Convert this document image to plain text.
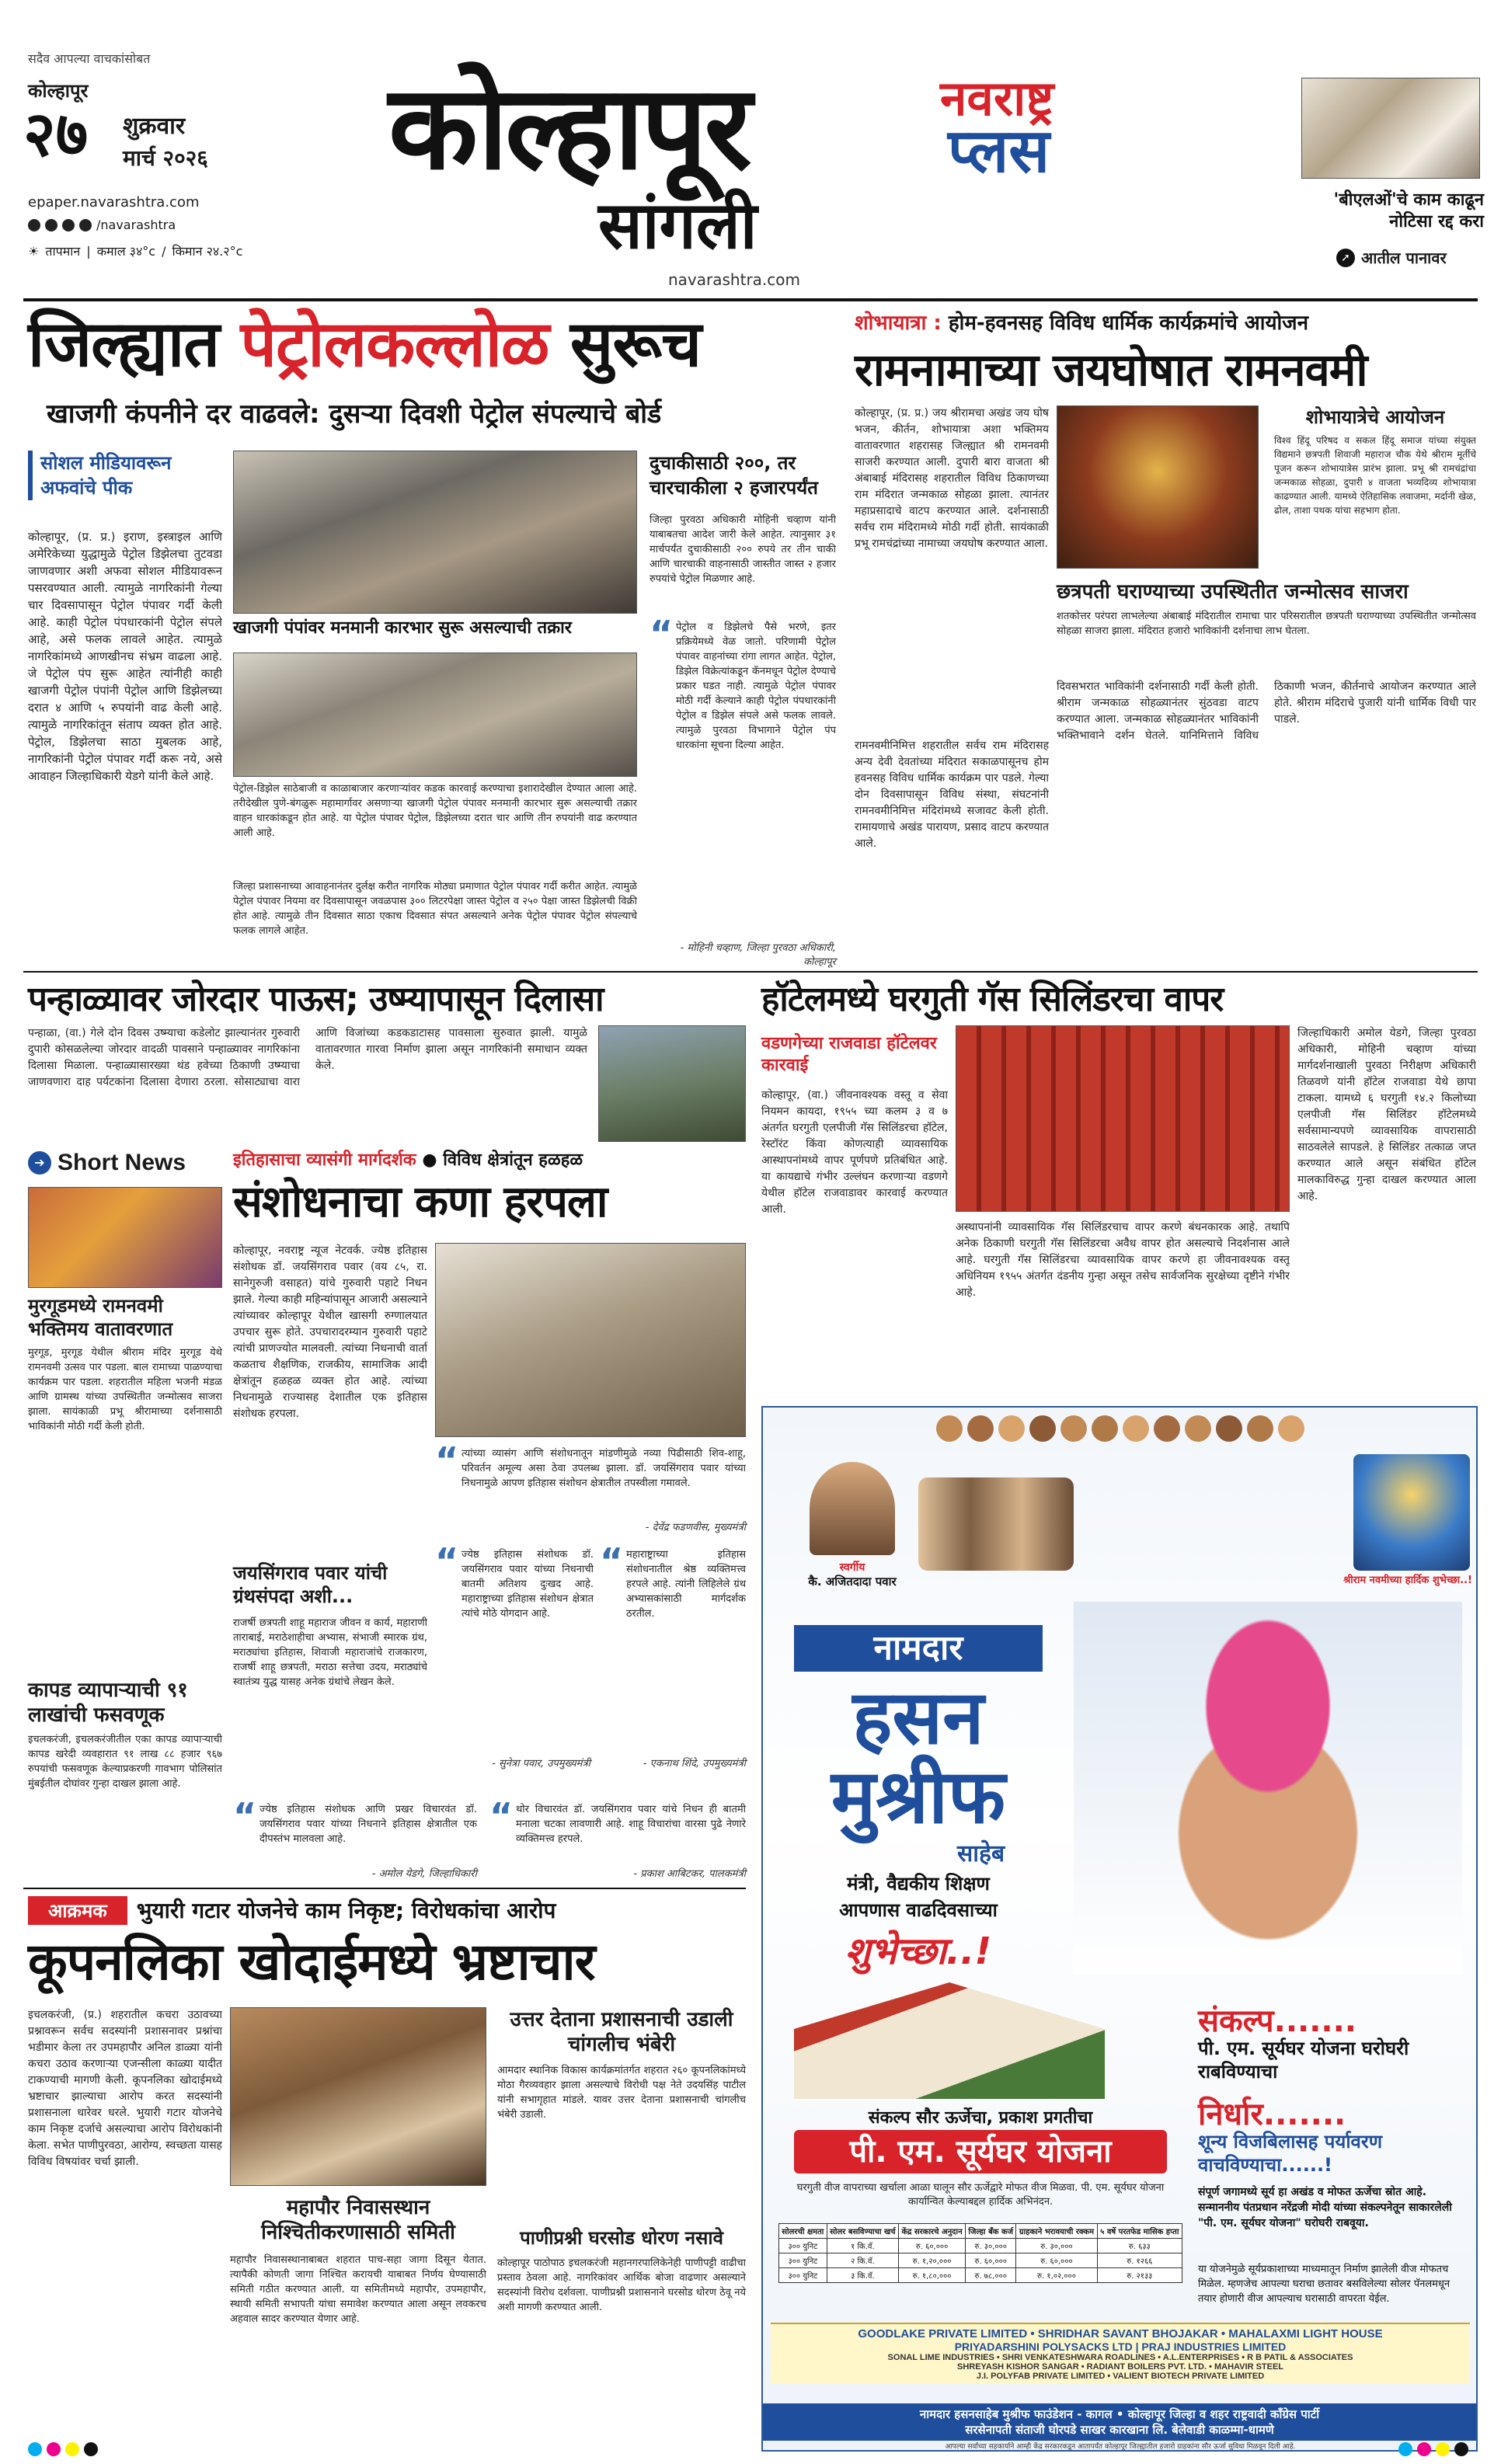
सदैव आपल्या वाचकांसोबत
कोल्हापूर
२७ शुक्रवार
मार्च २०२६
epaper.navarashtra.com
/navarashtra
☀ तापमान | कमाल ३४°c / किमान २४.२°c
कोल्हापूर
सांगली
नवराष्ट्र
प्लस
navarashtra.com
'बीएलओं'चे काम काढून नोटिसा रद्द करा
➚ आतील पानावर
जिल्ह्यात पेट्रोलकल्लोळ सुरूच
खाजगी कंपनीने दर वाढवले: दुसऱ्या दिवशी पेट्रोल संपल्याचे बोर्ड
सोशल मीडियावरून अफवांचे पीक
कोल्हापूर, (प्र. प्र.) इराण, इस्त्राइल आणि अमेरिकेच्या युद्धामुळे पेट्रोल डिझेलचा तुटवडा जाणवणार अशी अफवा सोशल मीडियावरून पसरवण्यात आली. त्यामुळे नागरिकांनी गेल्या चार दिवसापासून पेट्रोल पंपावर गर्दी केली आहे. काही पेट्रोल पंपधारकांनी पेट्रोल संपले आहे, असे फलक लावले आहेत. त्यामुळे नागरिकांमध्ये आणखीनच संभ्रम वाढला आहे. जे पेट्रोल पंप सुरू आहेत त्यांनीही काही खाजगी पेट्रोल पंपांनी पेट्रोल आणि डिझेलच्या दरात ४ आणि ५ रुपयांनी वाढ केली आहे. त्यामुळे नागरिकांतून संताप व्यक्त होत आहे. पेट्रोल, डिझेलचा साठा मुबलक आहे, नागरिकांनी पेट्रोल पंपावर गर्दी करू नये, असे आवाहन जिल्हाधिकारी येडगे यांनी केले आहे.
खाजगी पंपांवर मनमानी कारभार सुरू असल्याची तक्रार
पेट्रोल-डिझेल साठेबाजी व काळाबाजार करणाऱ्यांवर कडक कारवाई करण्याचा इशारादेखील देण्यात आला आहे. तरीदेखील पुणे-बंगळुरू महामार्गावर असणाऱ्या खाजगी पेट्रोल पंपावर मनमानी कारभार सुरू असल्याची तक्रार वाहन धारकांकडून होत आहे. या पेट्रोल पंपावर पेट्रोल, डिझेलच्या दरात चार आणि तीन रुपयांनी वाढ करण्यात आली आहे.
जिल्हा प्रशासनाच्या आवाहनानंतर दुर्लक्ष करीत नागरिक मोठ्या प्रमाणात पेट्रोल पंपावर गर्दी करीत आहेत. त्यामुळे पेट्रोल पंपावर नियमा वर दिवसापासून जवळपास ३०० लिटरपेक्षा जास्त पेट्रोल व २५० पेक्षा जास्त डिझेलची विक्री होत आहे. त्यामुळे तीन दिवसात साठा एकाच दिवसात संपत असल्याने अनेक पेट्रोल पंपावर पेट्रोल संपल्याचे फलक लागले आहेत.
दुचाकीसाठी २००, तर चारचाकीला २ हजारपर्यंत
जिल्हा पुरवठा अधिकारी मोहिनी चव्हाण यांनी याबाबतचा आदेश जारी केले आहेत. त्यानुसार ३१ मार्चपर्यंत दुचाकीसाठी २०० रुपये तर तीन चाकी आणि चारचाकी वाहनासाठी जास्तीत जास्त २ हजार रुपयांचे पेट्रोल मिळणार आहे.
“ पेट्रोल व डिझेलचे पैसे भरणे, इतर प्रक्रियेमध्ये वेळ जातो. परिणामी पेट्रोल पंपावर वाहनांच्या रांगा लागत आहेत. पेट्रोल, डिझेल विक्रेत्यांकडून कॅनमधून पेट्रोल देण्याचे प्रकार घडत नाही. त्यामुळे पेट्रोल पंपावर मोठी गर्दी केल्याने काही पेट्रोल पंपधारकांनी पेट्रोल व डिझेल संपले असे फलक लावले. त्यामुळे पुरवठा विभागाने पेट्रोल पंप धारकांना सूचना दिल्या आहेत.
- मोहिनी चव्हाण, जिल्हा पुरवठा अधिकारी, कोल्हापूर
शोभायात्रा : होम-हवनसह विविध धार्मिक कार्यक्रमांचे आयोजन
रामनामाच्या जयघोषात रामनवमी
कोल्हापूर, (प्र. प्र.) जय श्रीरामचा अखंड जय घोष भजन, कीर्तन, शोभायात्रा अशा भक्तिमय वातावरणात शहरासह जिल्ह्यात श्री रामनवमी साजरी करण्यात आली. दुपारी बारा वाजता श्री अंबाबाई मंदिरासह शहरातील विविध ठिकाणच्या राम मंदिरात जन्मकाळ सोहळा झाला. त्यानंतर महाप्रसादाचे वाटप करण्यात आले. दर्शनासाठी सर्वच राम मंदिरामध्ये मोठी गर्दी होती. सायंकाळी प्रभू रामचंद्रांच्या नामाच्या जयघोष करण्यात आला.
रामनवमीनिमित्त शहरातील सर्वच राम मंदिरासह अन्य देवी देवतांच्या मंदिरात सकाळपासूनच होम हवनसह विविध धार्मिक कार्यक्रम पार पडले. गेल्या दोन दिवसापासून विविध संस्था, संघटनांनी रामनवमीनिमित्त मंदिरांमध्ये सजावट केली होती. रामायणाचे अखंड पारायण, प्रसाद वाटप करण्यात आले.
शोभायात्रेचे आयोजन
विश्व हिंदू परिषद व सकल हिंदू समाज यांच्या संयुक्त विद्यमाने छत्रपती शिवाजी महाराज चौक येथे श्रीराम मूर्तीचे पूजन करून शोभायात्रेस प्रारंभ झाला. प्रभू श्री रामचंद्रांचा जन्मकाळ सोहळा, दुपारी ४ वाजता भव्यदिव्य शोभायात्रा काढण्यात आली. यामध्ये ऐतिहासिक लवाजमा, मर्दानी खेळ, ढोल, ताशा पथक यांचा सहभाग होता.
छत्रपती घराण्याच्या उपस्थितीत जन्मोत्सव साजरा
शतकोत्तर परंपरा लाभलेल्या अंबाबाई मंदिरातील रामाचा पार परिसरातील छत्रपती घराण्याच्या उपस्थितीत जन्मोत्सव सोहळा साजरा झाला. मंदिरात हजारो भाविकांनी दर्शनाचा लाभ घेतला.
दिवसभरात भाविकांनी दर्शनासाठी गर्दी केली होती. श्रीराम जन्मकाळ सोहळ्यानंतर सुंठवडा वाटप करण्यात आला. जन्मकाळ सोहळ्यानंतर भाविकांनी भक्तिभावाने दर्शन घेतले. यानिमित्ताने विविध ठिकाणी भजन, कीर्तनाचे आयोजन करण्यात आले होते. श्रीराम मंदिराचे पुजारी यांनी धार्मिक विधी पार पाडले.
पन्हाळ्यावर जोरदार पाऊस; उष्म्यापासून दिलासा
पन्हाळा, (वा.) गेले दोन दिवस उष्म्याचा कडेलोट झाल्यानंतर गुरुवारी दुपारी कोसळलेल्या जोरदार वादळी पावसाने पन्हाळ्यावर नागरिकांना दिलासा मिळाला. पन्हाळ्यासारख्या थंड हवेच्या ठिकाणी उष्म्याचा जाणवणारा दाह पर्यटकांना दिलासा देणारा ठरला. सोसाट्याचा वारा आणि विजांच्या कडकडाटासह पावसाला सुरुवात झाली. यामुळे वातावरणात गारवा निर्माण झाला असून नागरिकांनी समाधान व्यक्त केले.
हॉटेलमध्ये घरगुती गॅस सिलिंडरचा वापर
वडणगेच्या राजवाडा हॉटेलवर कारवाई
कोल्हापूर, (वा.) जीवनावश्यक वस्तू व सेवा नियमन कायदा, १९५५ च्या कलम ३ व ७ अंतर्गत घरगुती एलपीजी गॅस सिलिंडरचा हॉटेल, रेस्टॉरंट किंवा कोणत्याही व्यावसायिक आस्थापनांमध्ये वापर पूर्णपणे प्रतिबंधित आहे. या कायद्याचे गंभीर उल्लंघन करणाऱ्या वडणगे येथील हॉटेल राजवाडावर कारवाई करण्यात आली.
अस्थापनांनी व्यावसायिक गॅस सिलिंडरचाच वापर करणे बंधनकारक आहे. तथापि अनेक ठिकाणी घरगुती गॅस सिलिंडरचा अवैध वापर होत असल्याचे निदर्शनास आले आहे. घरगुती गॅस सिलिंडरचा व्यावसायिक वापर करणे हा जीवनावश्यक वस्तू अधिनियम १९५५ अंतर्गत दंडनीय गुन्हा असून तसेच सार्वजनिक सुरक्षेच्या दृष्टीने गंभीर आहे.
जिल्हाधिकारी अमोल येडगे, जिल्हा पुरवठा अधिकारी, मोहिनी चव्हाण यांच्या मार्गदर्शनाखाली पुरवठा निरीक्षण अधिकारी तिळवणे यांनी हॉटेल राजवाडा येथे छापा टाकला. यामध्ये ६ घरगुती १४.२ किलोच्या एलपीजी गॅस सिलिंडर हॉटेलमध्ये सर्वसामान्यपणे व्यावसायिक वापरासाठी साठवलेले सापडले. हे सिलिंडर तत्काळ जप्त करण्यात आले असून संबंधित हॉटेल मालकाविरुद्ध गुन्हा दाखल करण्यात आला आहे.
➔ Short News
मुरगूडमध्ये रामनवमी भक्तिमय वातावरणात
मुरगूड, मुरगूड येथील श्रीराम मंदिर मुरगूड येथे रामनवमी उत्सव पार पडला. बाल रामाच्या पाळण्याचा कार्यक्रम पार पडला. शहरातील महिला भजनी मंडळ आणि ग्रामस्थ यांच्या उपस्थितीत जन्मोत्सव साजरा झाला. सायंकाळी प्रभू श्रीरामाच्या दर्शनासाठी भाविकांनी मोठी गर्दी केली होती.
कापड व्यापाऱ्याची ९१ लाखांची फसवणूक
इचलकरंजी, इचलकरंजीतील एका कापड व्यापाऱ्याची कापड खरेदी व्यवहारात ९१ लाख ८८ हजार ९६७ रुपयांची फसवणूक केल्याप्रकरणी गावभाग पोलिसांत मुंबईतील दोघांवर गुन्हा दाखल झाला आहे.
इतिहासाचा व्यासंगी मार्गदर्शक ● विविध क्षेत्रांतून हळहळ
संशोधनाचा कणा हरपला
कोल्हापूर, नवराष्ट्र न्यूज नेटवर्क. ज्येष्ठ इतिहास संशोधक डॉ. जयसिंगराव पवार (वय ८५, रा. सानेगुरुजी वसाहत) यांचे गुरुवारी पहाटे निधन झाले. गेल्या काही महिन्यांपासून आजारी असल्याने त्यांच्यावर कोल्हापूर येथील खासगी रुग्णालयात उपचार सुरू होते. उपचारादरम्यान गुरुवारी पहाटे त्यांची प्राणज्योत मालवली. त्यांच्या निधनाची वार्ता कळताच शैक्षणिक, राजकीय, सामाजिक आदी क्षेत्रांतून हळहळ व्यक्त होत आहे. त्यांच्या निधनामुळे राज्यासह देशातील एक इतिहास संशोधक हरपला.
“ त्यांच्या व्यासंग आणि संशोधनातून मांडणीमुळे नव्या पिढीसाठी शिव-शाहू, परिवर्तन अमूल्य असा ठेवा उपलब्ध झाला. डॉ. जयसिंगराव पवार यांच्या निधनामुळे आपण इतिहास संशोधन क्षेत्रातील तपस्वीला गमावले.
- देवेंद्र फडणवीस, मुख्यमंत्री
जयसिंगराव पवार यांची ग्रंथसंपदा अशी...
राजर्षी छत्रपती शाहू महाराज जीवन व कार्य, महाराणी ताराबाई, मराठेशाहीचा अभ्यास, संभाजी स्मारक ग्रंथ, मराठ्यांचा इतिहास, शिवाजी महाराजांचे राजकारण, राजर्षी शाहू छत्रपती, मराठा सत्तेचा उदय, मराठ्यांचे स्वातंत्र्य युद्ध यासह अनेक ग्रंथांचे लेखन केले.
“ ज्येष्ठ इतिहास संशोधक डॉ. जयसिंगराव पवार यांच्या निधनाची बातमी अतिशय दुःखद आहे. महाराष्ट्राच्या इतिहास संशोधन क्षेत्रात त्यांचे मोठे योगदान आहे.
- सुनेत्रा पवार, उपमुख्यमंत्री
“ महाराष्ट्राच्या इतिहास संशोधनातील श्रेष्ठ व्यक्तिमत्त्व हरपले आहे. त्यांनी लिहिलेले ग्रंथ अभ्यासकांसाठी मार्गदर्शक ठरतील.
- एकनाथ शिंदे, उपमुख्यमंत्री
“ ज्येष्ठ इतिहास संशोधक आणि प्रखर विचारवंत डॉ. जयसिंगराव पवार यांच्या निधनाने इतिहास क्षेत्रातील एक दीपस्तंभ मालवला आहे.
- अमोल येडगे, जिल्हाधिकारी
“ थोर विचारवंत डॉ. जयसिंगराव पवार यांचे निधन ही बातमी मनाला चटका लावणारी आहे. शाहू विचारांचा वारसा पुढे नेणारे व्यक्तिमत्त्व हरपले.
- प्रकाश आबिटकर, पालकमंत्री
आक्रमक	भुयारी गटार योजनेचे काम निकृष्ट; विरोधकांचा आरोप
कूपनलिका खोदाईमध्ये भ्रष्टाचार
इचलकरंजी, (प्र.) शहरातील कचरा उठावच्या प्रश्नावरून सर्वच सदस्यांनी प्रशासनावर प्रश्नांचा भडीमार केला तर उपमहापौर अनिल डाळ्या यांनी कचरा उठाव करणाऱ्या एजन्सीला काळ्या यादीत टाकण्याची मागणी केली. कूपनलिका खोदाईमध्ये भ्रष्टाचार झाल्याचा आरोप करत सदस्यांनी प्रशासनाला धारेवर धरले. भुयारी गटार योजनेचे काम निकृष्ट दर्जाचे असल्याचा आरोप विरोधकांनी केला. सभेत पाणीपुरवठा, आरोग्य, स्वच्छता यासह विविध विषयांवर चर्चा झाली.
महापौर निवासस्थान निश्चितीकरणासाठी समिती
महापौर निवासस्थानाबाबत शहरात पाच-सहा जागा दिसून येतात. त्यापैकी कोणती जागा निश्चित करायची याबाबत निर्णय घेण्यासाठी समिती गठीत करण्यात आली. या समितीमध्ये महापौर, उपमहापौर, स्थायी समिती सभापती यांचा समावेश करण्यात आला असून लवकरच अहवाल सादर करण्यात येणार आहे.
उत्तर देताना प्रशासनाची उडाली चांगलीच भंबेरी
आमदार स्थानिक विकास कार्यक्रमांतर्गत शहरात २६० कूपनलिकांमध्ये मोठा गैरव्यवहार झाला असल्याचे विरोधी पक्ष नेते उदयसिंह पाटील यांनी सभागृहात मांडले. यावर उत्तर देताना प्रशासनाची चांगलीच भंबेरी उडाली.
पाणीप्रश्नी घरसोड धोरण नसावे
कोल्हापूर पाठोपाठ इचलकरंजी महानगरपालिकेनेही पाणीपट्टी वाढीचा प्रस्ताव ठेवला आहे. नागरिकांवर आर्थिक बोजा वाढणार असल्याने सदस्यांनी विरोध दर्शवला. पाणीप्रश्नी प्रशासनाने घरसोड धोरण ठेवू नये अशी मागणी करण्यात आली.
स्वर्गीय
कै. अजितदादा पवार	श्रीराम नवमीच्या हार्दिक शुभेच्छा..!
नामदार
हसन
मुश्रीफ
साहेब
मंत्री, वैद्यकीय शिक्षण
आपणास वाढदिवसाच्या
शुभेच्छा..!
संकल्प सौर ऊर्जेचा, प्रकाश प्रगतीचा
पी. एम. सूर्यघर योजना
घरगुती वीज वापराच्या खर्चाला आळा घालून सौर ऊर्जेद्वारे मोफत वीज मिळवा. पी. एम. सूर्यघर योजना कार्यान्वित केल्याबद्दल हार्दिक अभिनंदन.
सोलरची क्षमता	सोलर बसविण्याचा खर्च	केंद्र सरकारचे अनुदान	जिल्हा बँक कर्ज	ग्राहकाने भरावयाची रक्कम	५ वर्षे परतफेड मासिक हप्ता
३०० युनिट	१ कि.वॅ.	रु. ६०,०००	रु. ३०,०००	रु. ३०,०००	रु. ६३३
३०० युनिट	२ कि.वॅ.	रु. १,२०,०००	रु. ६०,०००	रु. ६०,०००	रु. १२६६
३०० युनिट	३ कि.वॅ.	रु. १,८०,०००	रु. ७८,०००	रु. १,०२,०००	रु. २१३३
संकल्प.......
पी. एम. सूर्यघर योजना घरोघरी राबविण्याचा
निर्धार.......
शून्य विजबिलासह पर्यावरण वाचविण्याचा......!
संपूर्ण जगामध्ये सूर्य हा अखंड व मोफत ऊर्जेचा स्रोत आहे. सन्माननीय पंतप्रधान नरेंद्रजी मोदी यांच्या संकल्पनेतून साकारलेली "पी. एम. सूर्यघर योजना" घरोघरी राबवूया.
या योजनेमुळे सूर्यप्रकाशाच्या माध्यमातून निर्माण झालेली वीज मोफतच मिळेल. म्हणजेच आपल्या घराचा छतावर बसविलेल्या सोलर पॅनलमधून तयार होणारी वीज आपल्याच घरासाठी वापरता येईल.
GOODLAKE PRIVATE LIMITED • SHRIDHAR SAVANT BHOJAKAR • MAHALAXMI LIGHT HOUSE
PRIYADARSHINI POLYSACKS LTD | PRAJ INDUSTRIES LIMITED
SONAL LIME INDUSTRIES • SHRI VENKATESHWARA ROADLINES • A.L.ENTERPRISES • R B PATIL & ASSOCIATES
SHREYASH KISHOR SANGAR • RADIANT BOILERS PVT. LTD. • MAHAVIR STEEL
J.I. POLYFAB PRIVATE LIMITED • VALIENT BIOTECH PRIVATE LIMITED
नामदार हसनसाहेब मुश्रीफ फाउंडेशन - कागल • कोल्हापूर जिल्हा व शहर राष्ट्रवादी काँग्रेस पार्टी
सरसेनापती संताजी घोरपडे साखर कारखाना लि. बेलेवाडी काळम्मा-धामणे
आपल्या सर्वांच्या सहकार्याने आम्ही केंद्र सरकारकडून आतापर्यंत कोल्हापूर जिल्ह्यातील हजारो ग्राहकांना सौर ऊर्जा सुविधा मिळवून दिली आहे.
